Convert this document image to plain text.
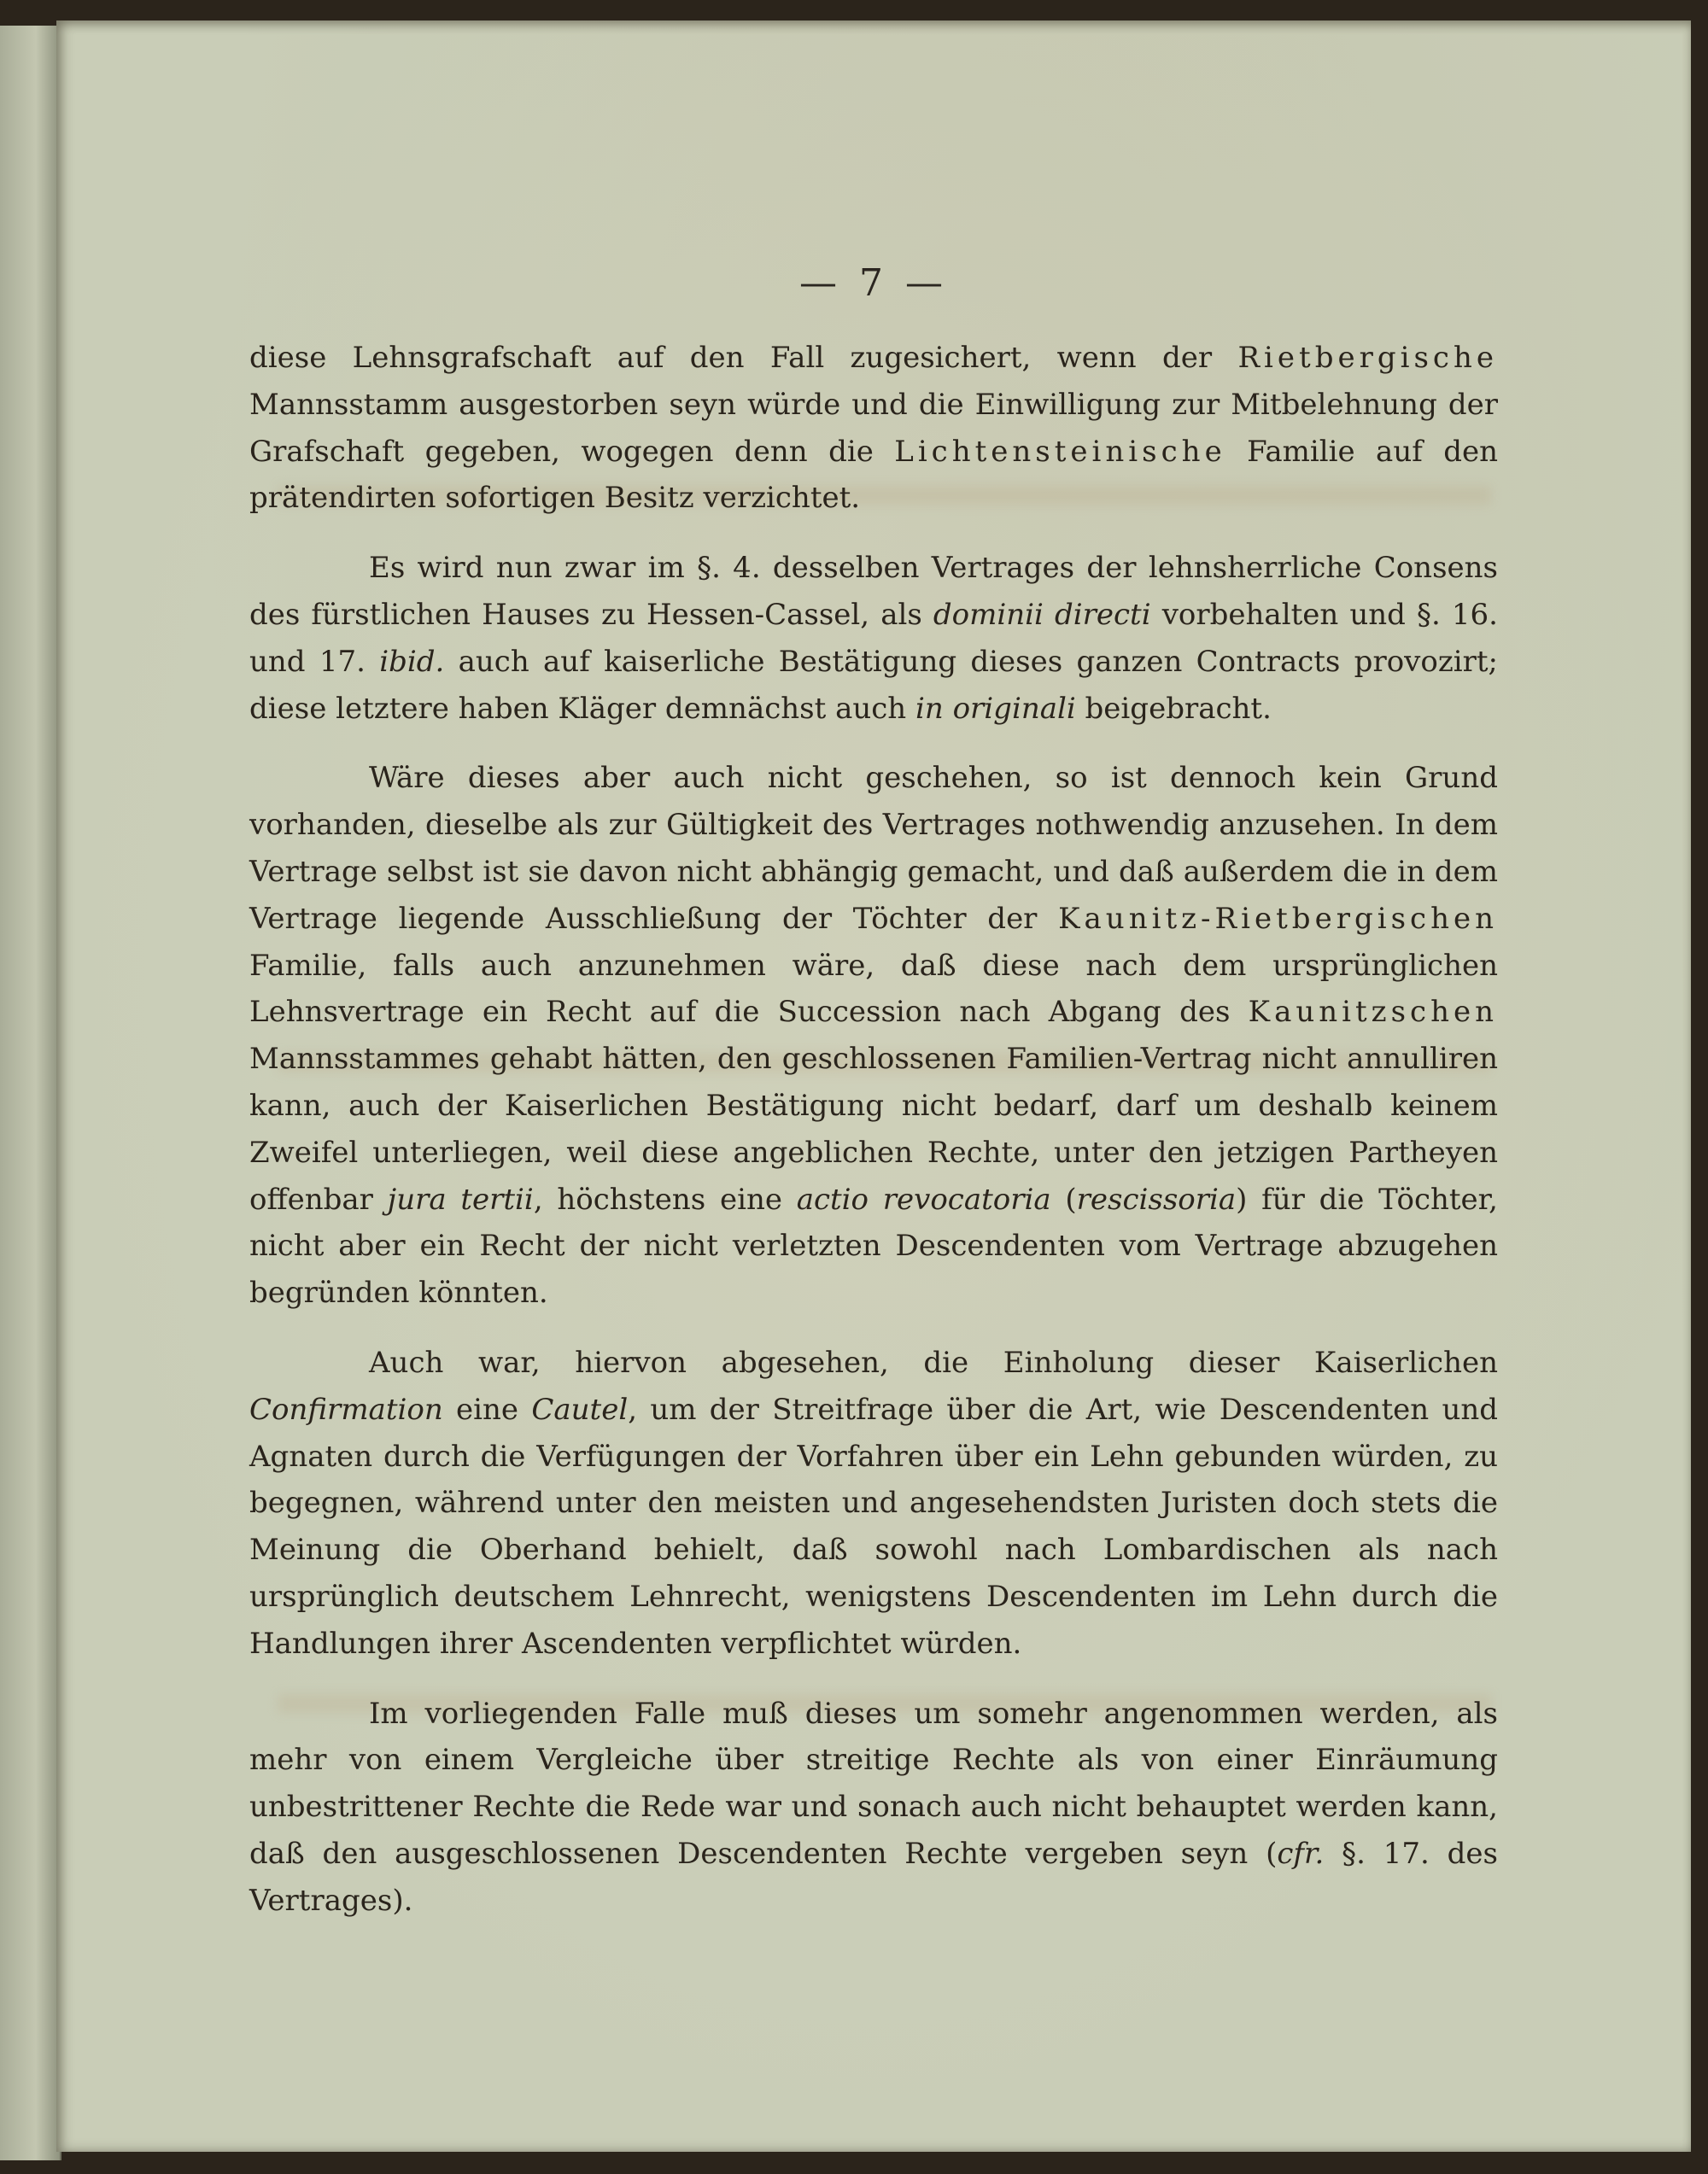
— 7 —

diese Lehnsgrafschaft auf den Fall zugesichert, wenn der Rietbergische Mannsstamm ausgestorben seyn würde und die Einwilligung zur Mitbelehnung der Grafschaft gegeben, wogegen denn die Lichtensteinische Familie auf den prätendirten sofortigen Besitz verzichtet.

Es wird nun zwar im §. 4. desselben Vertrages der lehnsherrliche Consens des fürstlichen Hauses zu Hessen-Cassel, als dominii directi vorbehalten und §. 16. und 17. ibid. auch auf kaiserliche Bestätigung dieses ganzen Contracts provozirt; diese letztere haben Kläger demnächst auch in originali beigebracht.

Wäre dieses aber auch nicht geschehen, so ist dennoch kein Grund vorhanden, dieselbe als zur Gültigkeit des Vertrages nothwendig anzusehen. In dem Vertrage selbst ist sie davon nicht abhängig gemacht, und daß außerdem die in dem Vertrage liegende Ausschließung der Töchter der Kaunitz-Rietbergischen Familie, falls auch anzunehmen wäre, daß diese nach dem ursprünglichen Lehnsvertrage ein Recht auf die Succession nach Abgang des Kaunitzschen Mannsstammes gehabt hätten, den geschlossenen Familien-Vertrag nicht annulliren kann, auch der Kaiserlichen Bestätigung nicht bedarf, darf um deshalb keinem Zweifel unterliegen, weil diese angeblichen Rechte, unter den jetzigen Partheyen offenbar jura tertii, höchstens eine actio revocatoria (rescissoria) für die Töchter, nicht aber ein Recht der nicht verletzten Descendenten vom Vertrage abzugehen begründen könnten.

Auch war, hiervon abgesehen, die Einholung dieser Kaiserlichen Confirmation eine Cautel, um der Streitfrage über die Art, wie Descendenten und Agnaten durch die Verfügungen der Vorfahren über ein Lehn gebunden würden, zu begegnen, während unter den meisten und angesehendsten Juristen doch stets die Meinung die Oberhand behielt, daß sowohl nach Lombardischen als nach ursprünglich deutschem Lehnrecht, wenigstens Descendenten im Lehn durch die Handlungen ihrer Ascendenten verpflichtet würden.

Im vorliegenden Falle muß dieses um somehr angenommen werden, als mehr von einem Vergleiche über streitige Rechte als von einer Einräumung unbestrittener Rechte die Rede war und sonach auch nicht behauptet werden kann, daß den ausgeschlossenen Descendenten Rechte vergeben seyn (cfr. §. 17. des Vertrages).
